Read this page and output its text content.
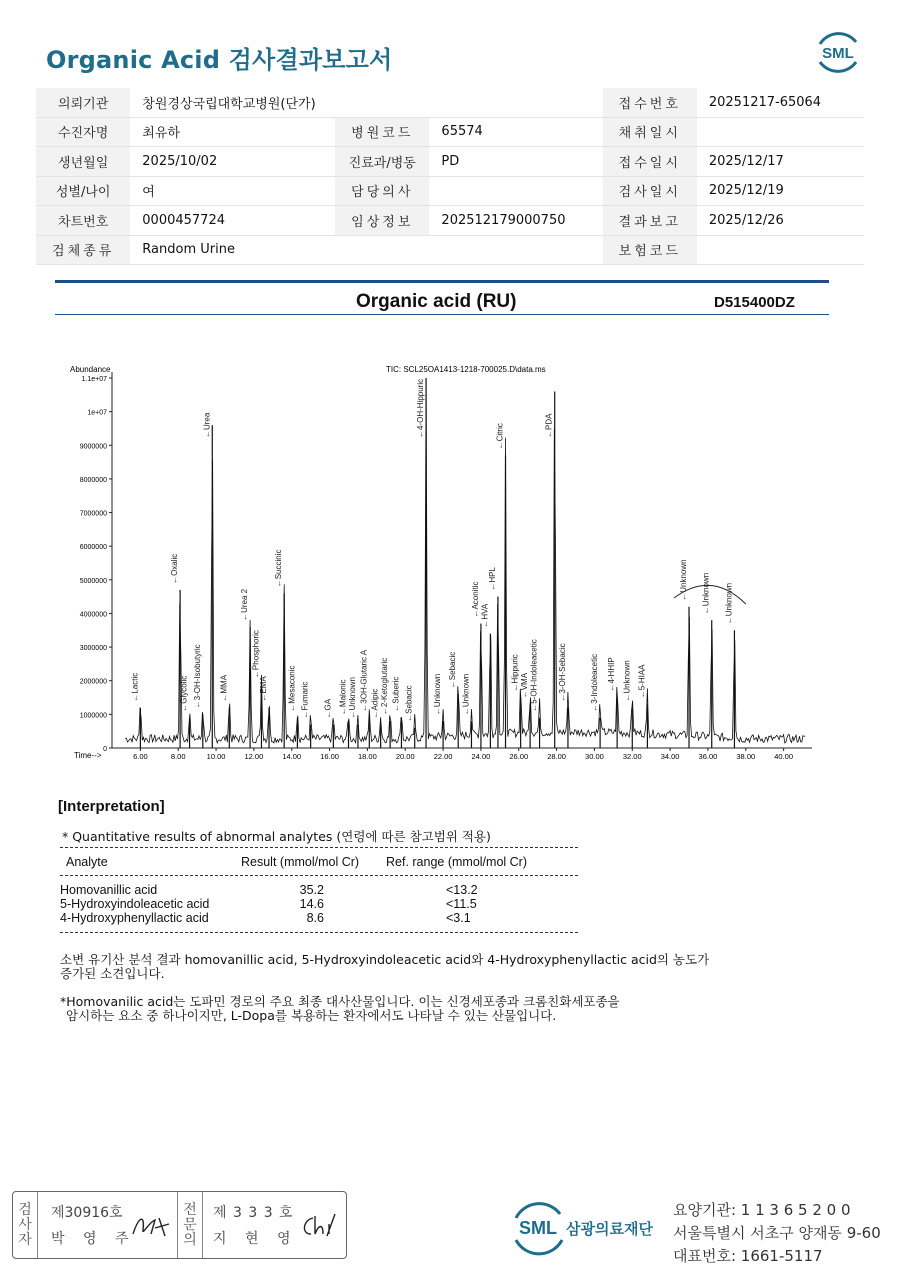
Organic Acid 검사결과보고서	SML
의뢰기관	창원경상국립대학교병원(단가)			접수번호	20251217-65064
수진자명	최유하	병원코드	65574	채취일시	
생년월일	2025/10/02	진료과/병동	PD	접수일시	2025/12/17
성별/나이	여	담당의사		검사일시	2025/12/19
차트번호	0000457724	임상정보	202512179000750	결과보고	2025/12/26
검체종류	Random Urine			보험코드	
Organic acid (RU)	D515400DZ
Abundance
Time-->
TIC: SCL25OA1413-1218-700025.D\data.ms
1.1e+07
1e+07
9000000
8000000
7000000
6000000
5000000
4000000
3000000
2000000
1000000
0
6.00	8.00	10.00	12.00	14.00	16.00	18.00	20.00	22.00	24.00	26.00	28.00	30.00	32.00	34.00	36.00	38.00	40.00
←Lactic
←Oxalic
←Glycolic ←3-OH-Isobutyric
←Urea
←MMA
←Urea 2
←Phosphoric
←EMA
←Succinic
←Mesaconic ←Fumaric ←GA ←Malonic ←Unknown ←3OH-Glutaric A ←Adipic ←2-Ketoglutaric ←Suberic ←Sebacic
←4-OH-Hippuric
←Unknown
←Sebacic
←Unknown
←Aconitic ←HVA
←HPL
←Citric
←Hippuric ←VMA ←5-OH-Indoleacetic
←PDA
←3-OH-Sebacic	←3-Indoleacetic ←4-HHIP ←Unknown ←5-HIAA
←Unknown ←Unknown ←Unknown
[Interpretation]
* Quantitative results of abnormal analytes (연령에 따른 참고범위 적용)
Analyte	Result (mmol/mol Cr) Ref. range (mmol/mol Cr)
Homovanillic acid	35.2	<13.2
5-Hydroxyindoleacetic acid	14.6	<11.5
4-Hydroxyphenyllactic acid	8.6	<3.1
소변 유기산 분석 결과 homovanillic acid, 5-Hydroxyindoleacetic acid와 4-Hydroxyphenyllactic acid의 농도가
증가된 소견입니다.
*Homovanilic acid는 도파민 경로의 주요 최종 대사산물입니다. 이는 신경세포종과 크롬친화세포종을
암시하는 요소 중 하나이지만, L-Dopa를 복용하는 환자에서도 나타날 수 있는 산물입니다.
검사자
제30916호
박 영 주
전문의
제 3 3 3 호
지 현 영
SML 삼광의료재단
요양기관: 1 1 3 6 5 2 0 0
서울특별시 서초구 양재동 9-60
대표번호: 1661-5117
